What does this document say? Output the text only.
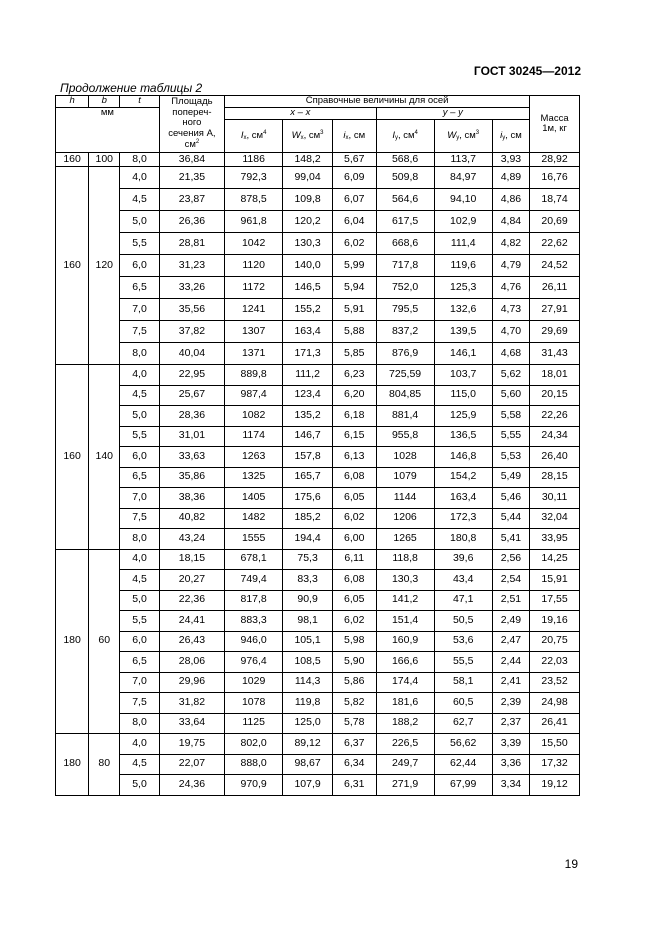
ГОСТ 30245—2012
Продолжение таблицы 2
h	b	t	Площадь
попереч-
ного
сечения A,
$см^2$	Справочные величины для осей						Масса
1м, кг
мм				x – x			y – y			
				$I_x$, $см^4$	$W_x$, $см^3$	$i_x$, см	$I_y$, $см^4$	$W_y$, $см^3$	$i_y$, см	
160	100	8,0	36,84	1186	148,2	5,67	568,6	113,7	3,93	28,92
160	120	4,0	21,35	792,3	99,04	6,09	509,8	84,97	4,89	16,76
		4,5	23,87	878,5	109,8	6,07	564,6	94,10	4,86	18,74
		5,0	26,36	961,8	120,2	6,04	617,5	102,9	4,84	20,69
		5,5	28,81	1042	130,3	6,02	668,6	111,4	4,82	22,62
		6,0	31,23	1120	140,0	5,99	717,8	119,6	4,79	24,52
		6,5	33,26	1172	146,5	5,94	752,0	125,3	4,76	26,11
		7,0	35,56	1241	155,2	5,91	795,5	132,6	4,73	27,91
		7,5	37,82	1307	163,4	5,88	837,2	139,5	4,70	29,69
		8,0	40,04	1371	171,3	5,85	876,9	146,1	4,68	31,43
160	140	4,0	22,95	889,8	111,2	6,23	725,59	103,7	5,62	18,01
		4,5	25,67	987,4	123,4	6,20	804,85	115,0	5,60	20,15
		5,0	28,36	1082	135,2	6,18	881,4	125,9	5,58	22,26
		5,5	31,01	1174	146,7	6,15	955,8	136,5	5,55	24,34
		6,0	33,63	1263	157,8	6,13	1028	146,8	5,53	26,40
		6,5	35,86	1325	165,7	6,08	1079	154,2	5,49	28,15
		7,0	38,36	1405	175,6	6,05	1144	163,4	5,46	30,11
		7,5	40,82	1482	185,2	6,02	1206	172,3	5,44	32,04
		8,0	43,24	1555	194,4	6,00	1265	180,8	5,41	33,95
180	60	4,0	18,15	678,1	75,3	6,11	118,8	39,6	2,56	14,25
		4,5	20,27	749,4	83,3	6,08	130,3	43,4	2,54	15,91
		5,0	22,36	817,8	90,9	6,05	141,2	47,1	2,51	17,55
		5,5	24,41	883,3	98,1	6,02	151,4	50,5	2,49	19,16
		6,0	26,43	946,0	105,1	5,98	160,9	53,6	2,47	20,75
		6,5	28,06	976,4	108,5	5,90	166,6	55,5	2,44	22,03
		7,0	29,96	1029	114,3	5,86	174,4	58,1	2,41	23,52
		7,5	31,82	1078	119,8	5,82	181,6	60,5	2,39	24,98
		8,0	33,64	1125	125,0	5,78	188,2	62,7	2,37	26,41
180	80	4,0	19,75	802,0	89,12	6,37	226,5	56,62	3,39	15,50
		4,5	22,07	888,0	98,67	6,34	249,7	62,44	3,36	17,32
		5,0	24,36	970,9	107,9	6,31	271,9	67,99	3,34	19,12
19
